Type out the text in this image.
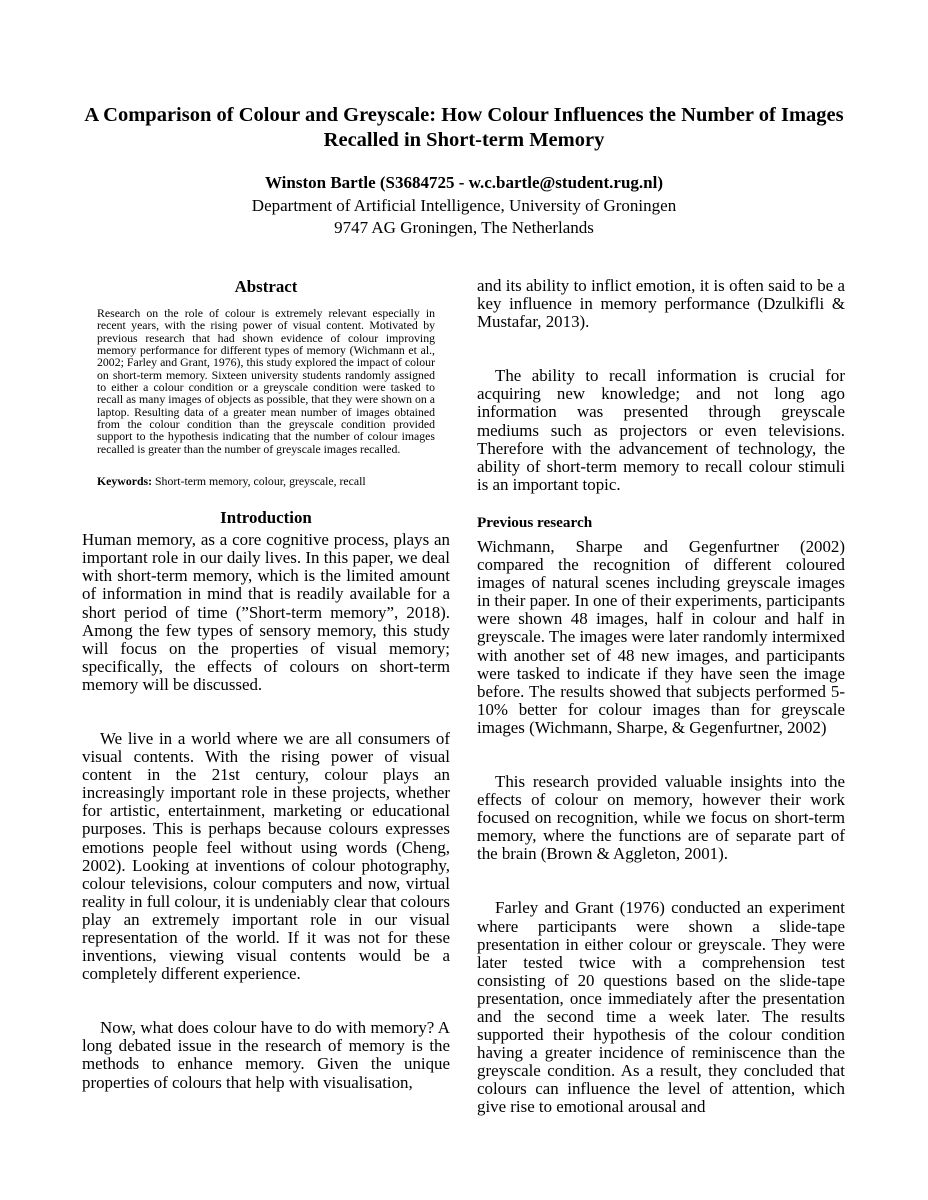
A Comparison of Colour and Greyscale: How Colour Influences the Number of Images Recalled in Short-term Memory
Winston Bartle (S3684725 - w.c.bartle@student.rug.nl)
Department of Artificial Intelligence, University of Groningen
9747 AG Groningen, The Netherlands
Abstract

Research on the role of colour is extremely relevant especially in recent years, with the rising power of visual content. Motivated by previous research that had shown evidence of colour improving memory performance for different types of memory (Wichmann et al., 2002; Farley and Grant, 1976), this study explored the impact of colour on short-term memory. Sixteen university students randomly assigned to either a colour condition or a greyscale condition were tasked to recall as many images of objects as possible, that they were shown on a laptop. Resulting data of a greater mean number of images obtained from the colour condition than the greyscale condition provided support to the hypothesis indicating that the number of colour images recalled is greater than the number of greyscale images recalled.

Keywords: Short-term memory, colour, greyscale, recall

Introduction

Human memory, as a core cognitive process, plays an important role in our daily lives. In this paper, we deal with short-term memory, which is the limited amount of information in mind that is readily available for a short period of time (”Short-term memory”, 2018). Among the few types of sensory memory, this study will focus on the properties of visual memory; specifically, the effects of colours on short-term memory will be discussed.

We live in a world where we are all consumers of visual contents. With the rising power of visual content in the 21st century, colour plays an increasingly important role in these projects, whether for artistic, entertainment, marketing or educational purposes. This is perhaps because colours expresses emotions people feel without using words (Cheng, 2002). Looking at inventions of colour photography, colour televisions, colour computers and now, virtual reality in full colour, it is undeniably clear that colours play an extremely important role in our visual representation of the world. If it was not for these inventions, viewing visual contents would be a completely different experience.

Now, what does colour have to do with memory? A long debated issue in the research of memory is the methods to enhance memory. Given the unique properties of colours that help with visualisation,

and its ability to inflict emotion, it is often said to be a key influence in memory performance (Dzulkifli & Mustafar, 2013).

The ability to recall information is crucial for acquiring new knowledge; and not long ago information was presented through greyscale mediums such as projectors or even televisions. Therefore with the advancement of technology, the ability of short-term memory to recall colour stimuli is an important topic.

Previous research

Wichmann, Sharpe and Gegenfurtner (2002) compared the recognition of different coloured images of natural scenes including greyscale images in their paper. In one of their experiments, participants were shown 48 images, half in colour and half in greyscale. The images were later randomly intermixed with another set of 48 new images, and participants were tasked to indicate if they have seen the image before. The results showed that subjects performed 5-10% better for colour images than for greyscale images (Wichmann, Sharpe, & Gegenfurtner, 2002)

This research provided valuable insights into the effects of colour on memory, however their work focused on recognition, while we focus on short-term memory, where the functions are of separate part of the brain (Brown & Aggleton, 2001).

Farley and Grant (1976) conducted an experiment where participants were shown a slide-tape presentation in either colour or greyscale. They were later tested twice with a comprehension test consisting of 20 questions based on the slide-tape presentation, once immediately after the presentation and the second time a week later. The results supported their hypothesis of the colour condition having a greater incidence of reminiscence than the greyscale condition. As a result, they concluded that colours can influence the level of attention, which give rise to emotional arousal and
